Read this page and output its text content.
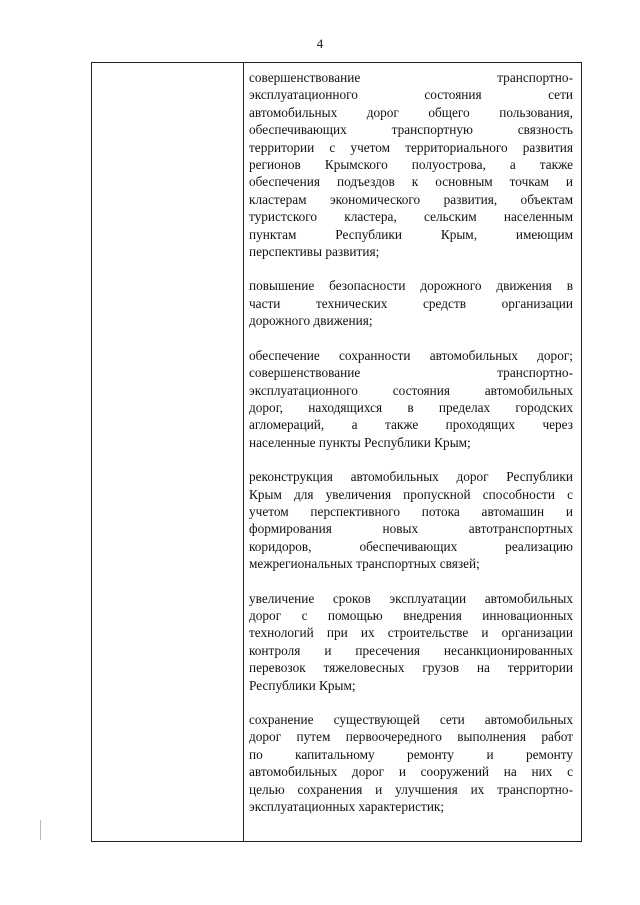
4

совершенствование транспортно-
эксплуатационного состояния сети
автомобильных дорог общего пользования,
обеспечивающих транспортную связность
территории с учетом территориального развития
регионов Крымского полуострова, а также
обеспечения подъездов к основным точкам и
кластерам экономического развития, объектам
туристского кластера, сельским населенным
пунктам Республики Крым, имеющим
перспективы развития;

повышение безопасности дорожного движения в
части технических средств организации
дорожного движения;

обеспечение сохранности автомобильных дорог;
совершенствование транспортно-
эксплуатационного состояния автомобильных
дорог, находящихся в пределах городских
агломераций, а также проходящих через
населенные пункты Республики Крым;

реконструкция автомобильных дорог Республики
Крым для увеличения пропускной способности с
учетом перспективного потока автомашин и
формирования новых автотранспортных
коридоров, обеспечивающих реализацию
межрегиональных транспортных связей;

увеличение сроков эксплуатации автомобильных
дорог с помощью внедрения инновационных
технологий при их строительстве и организации
контроля и пресечения несанкционированных
перевозок тяжеловесных грузов на территории
Республики Крым;

сохранение существующей сети автомобильных
дорог путем первоочередного выполнения работ
по капитальному ремонту и ремонту
автомобильных дорог и сооружений на них с
целью сохранения и улучшения их транспортно-
эксплуатационных характеристик;
